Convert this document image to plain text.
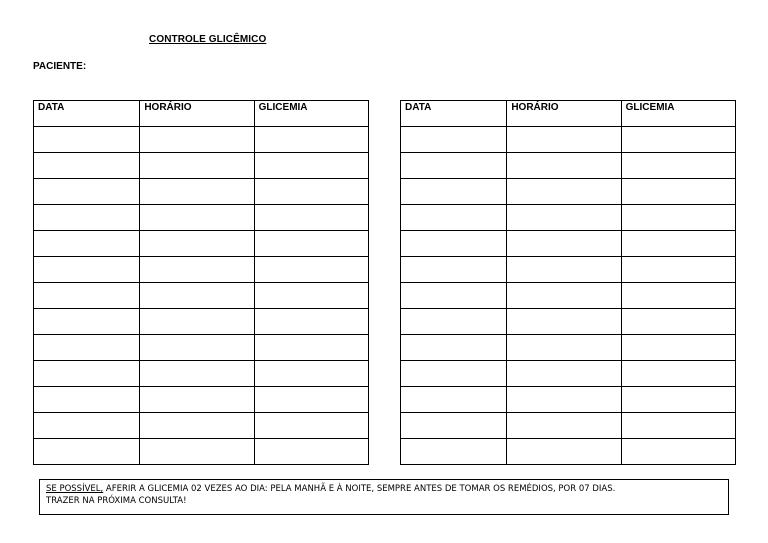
CONTROLE GLICÊMICO
PACIENTE:
DATA	HORÁRIO	GLICEMIA

			DATA	HORÁRIO	GLICEMIA

SE POSSÍVEL, AFERIR A GLICEMIA 02 VEZES AO DIA: PELA MANHÃ E À NOITE, SEMPRE ANTES DE TOMAR OS REMÉDIOS, POR 07 DIAS.
TRAZER NA PRÓXIMA CONSULTA!
